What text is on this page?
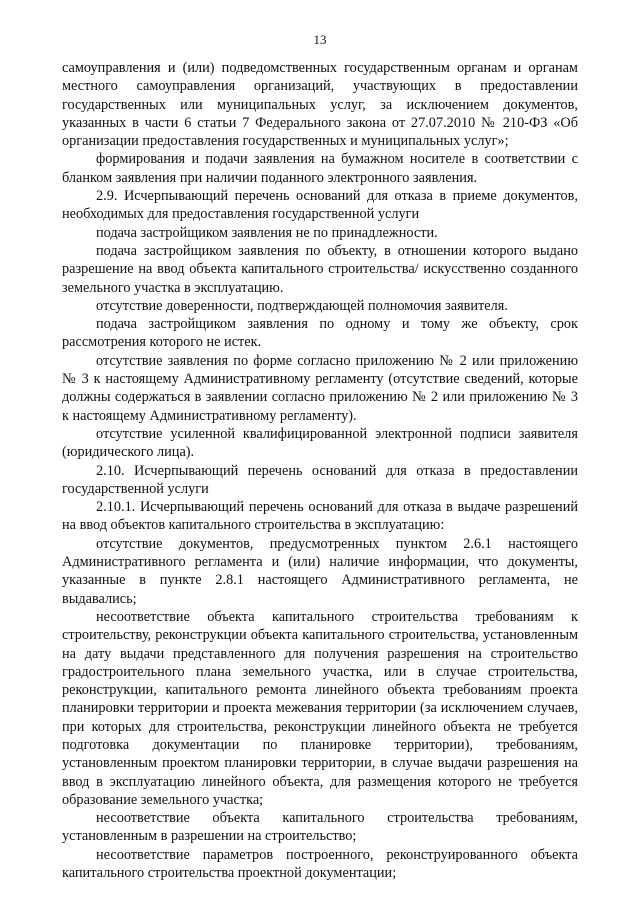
13

самоуправления и (или) подведомственных государственным органам и органам местного самоуправления организаций, участвующих в предоставлении государственных или муниципальных услуг, за исключением документов, указанных в части 6 статьи 7 Федерального закона от 27.07.2010 № 210-ФЗ «Об организации предоставления государственных и муниципальных услуг»;

формирования и подачи заявления на бумажном носителе в соответствии с бланком заявления при наличии поданного электронного заявления.

2.9. Исчерпывающий перечень оснований для отказа в приеме документов, необходимых для предоставления государственной услуги

подача застройщиком заявления не по принадлежности.

подача застройщиком заявления по объекту, в отношении которого выдано разрешение на ввод объекта капитального строительства/ искусственно созданного земельного участка в эксплуатацию.

отсутствие доверенности, подтверждающей полномочия заявителя.

подача застройщиком заявления по одному и тому же объекту, срок рассмотрения которого не истек.

отсутствие заявления по форме согласно приложению № 2 или приложению № 3 к настоящему Административному регламенту (отсутствие сведений, которые должны содержаться в заявлении согласно приложению № 2 или приложению № 3 к настоящему Административному регламенту).

отсутствие усиленной квалифицированной электронной подписи заявителя (юридического лица).

2.10. Исчерпывающий перечень оснований для отказа в предоставлении государственной услуги

2.10.1. Исчерпывающий перечень оснований для отказа в выдаче разрешений на ввод объектов капитального строительства в эксплуатацию:

отсутствие документов, предусмотренных пунктом 2.6.1 настоящего Административного регламента и (или) наличие информации, что документы, указанные в пункте 2.8.1 настоящего Административного регламента, не выдавались;

несоответствие объекта капитального строительства требованиям к строительству, реконструкции объекта капитального строительства, установленным на дату выдачи представленного для получения разрешения на строительство градостроительного плана земельного участка, или в случае строительства, реконструкции, капитального ремонта линейного объекта требованиям проекта планировки территории и проекта межевания территории (за исключением случаев, при которых для строительства, реконструкции линейного объекта не требуется подготовка документации по планировке территории), требованиям, установленным проектом планировки территории, в случае выдачи разрешения на ввод в эксплуатацию линейного объекта, для размещения которого не требуется образование земельного участка;

несоответствие объекта капитального строительства требованиям, установленным в разрешении на строительство;

несоответствие параметров построенного, реконструированного объекта капитального строительства проектной документации;
